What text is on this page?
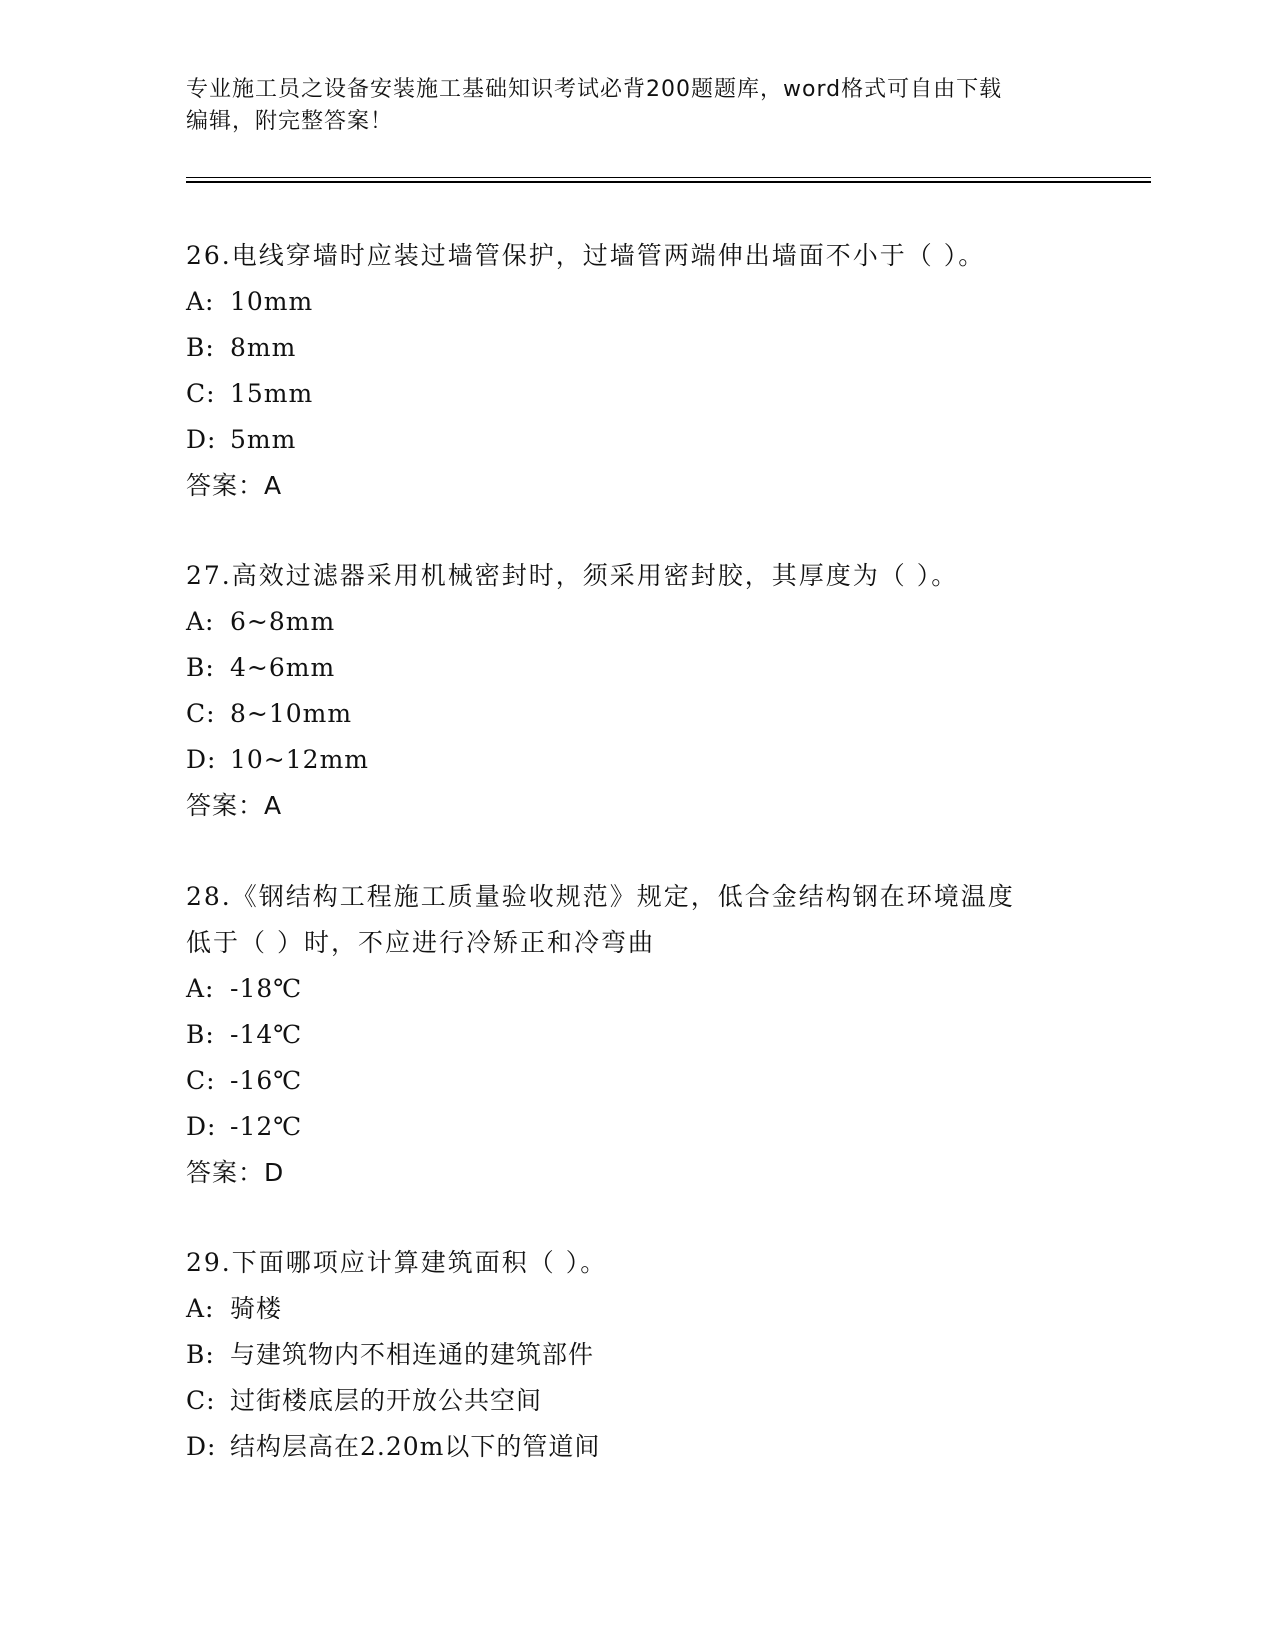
专业施工员之设备安装施工基础知识考试必背200题题库，word格式可自由下载
编辑，附完整答案！
26.电线穿墙时应装过墙管保护，过墙管两端伸出墙面不小于（ ）。
A: 10mm
B: 8mm
C: 15mm
D: 5mm
答案：A
27.高效过滤器采用机械密封时，须采用密封胶，其厚度为（ ）。
A: 6~8mm
B: 4~6mm
C: 8~10mm
D: 10~12mm
答案：A
28.《钢结构工程施工质量验收规范》规定，低合金结构钢在环境温度
低于（ ）时，不应进行冷矫正和冷弯曲
A: -18℃
B: -14℃
C: -16℃
D: -12℃
答案：D
29.下面哪项应计算建筑面积（ ）。
A: 骑楼
B: 与建筑物内不相连通的建筑部件
C: 过街楼底层的开放公共空间
D: 结构层高在2.20m以下的管道间
